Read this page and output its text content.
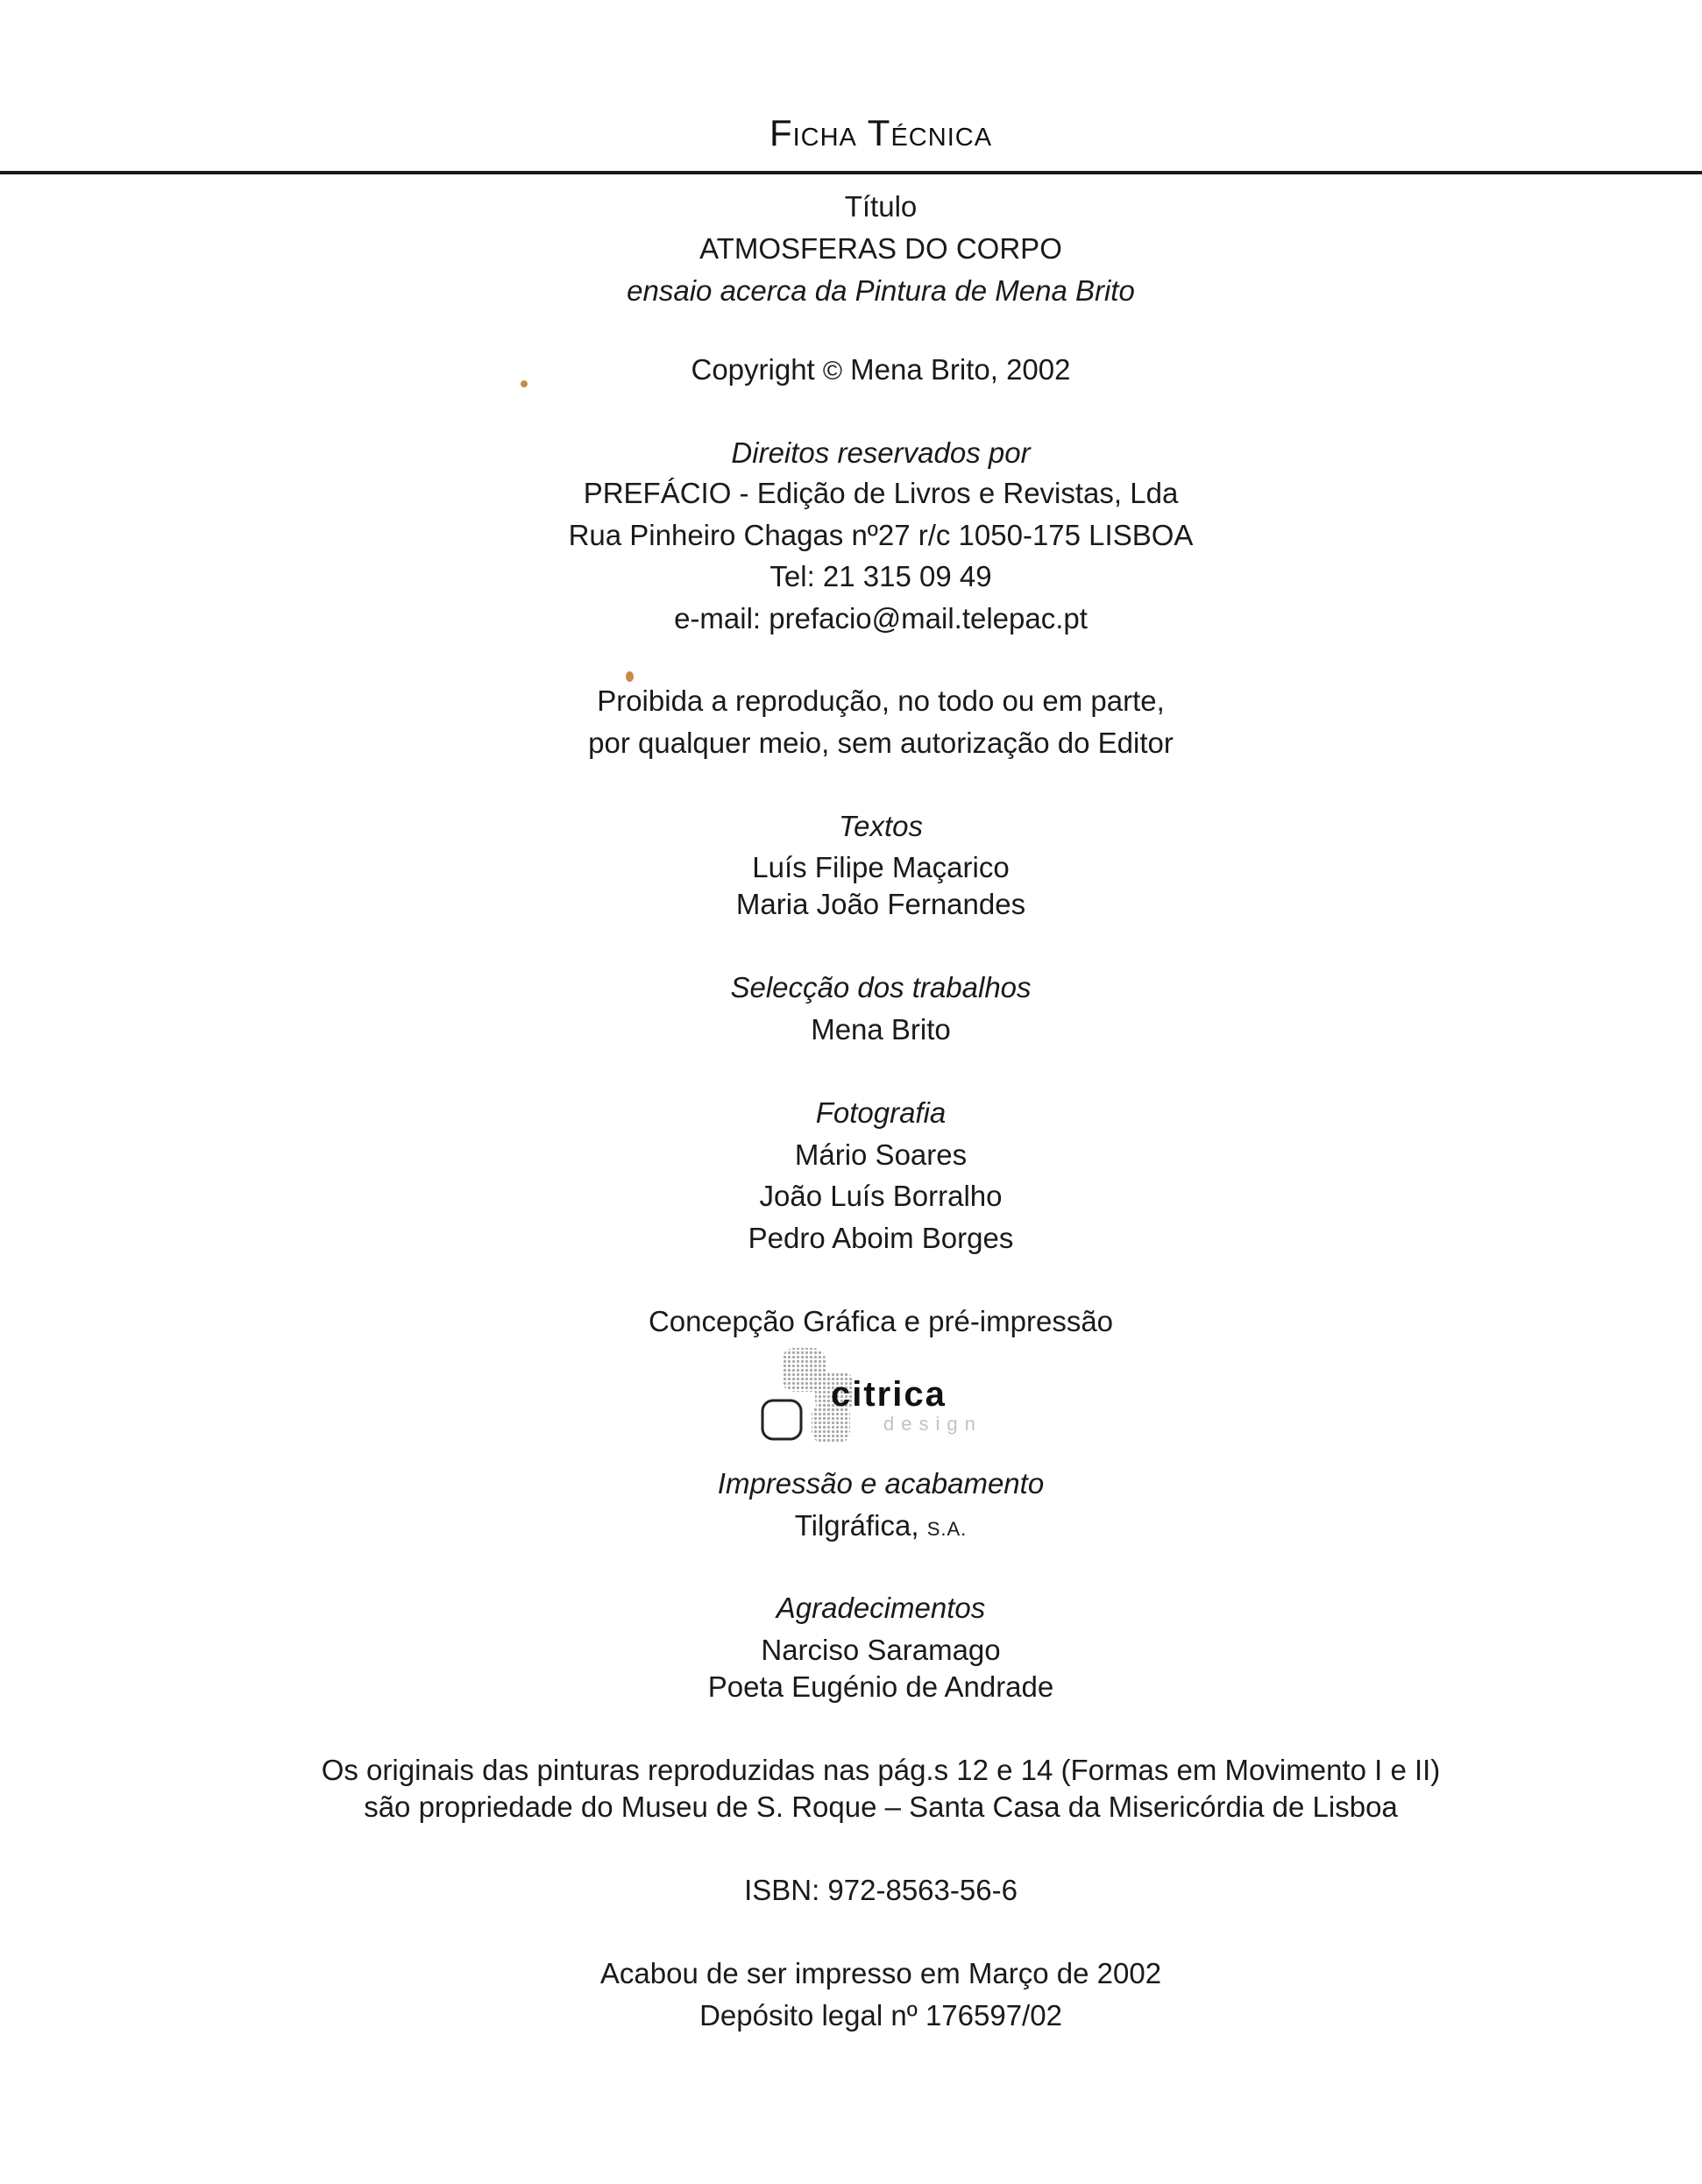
Ficha Técnica
Título
ATMOSFERAS DO CORPO
ensaio acerca da Pintura de Mena Brito
Copyright © Mena Brito, 2002
Direitos reservados por
PREFÁCIO - Edição de Livros e Revistas, Lda
Rua Pinheiro Chagas nº27 r/c 1050-175 LISBOA
Tel: 21 315 09 49
e-mail: prefacio@mail.telepac.pt
Proibida a reprodução, no todo ou em parte,
por qualquer meio, sem autorização do Editor
Textos
Luís Filipe Maçarico
Maria João Fernandes
Selecção dos trabalhos
Mena Brito
Fotografia
Mário Soares
João Luís Borralho
Pedro Aboim Borges
Concepção Gráfica e pré-impressão
citrica
design
Impressão e acabamento
Tilgráfica, S.A.
Agradecimentos
Narciso Saramago
Poeta Eugénio de Andrade
Os originais das pinturas reproduzidas nas pág.s 12 e 14 (Formas em Movimento I e II)
são propriedade do Museu de S. Roque – Santa Casa da Misericórdia de Lisboa
ISBN: 972-8563-56-6
Acabou de ser impresso em Março de 2002
Depósito legal nº 176597/02
